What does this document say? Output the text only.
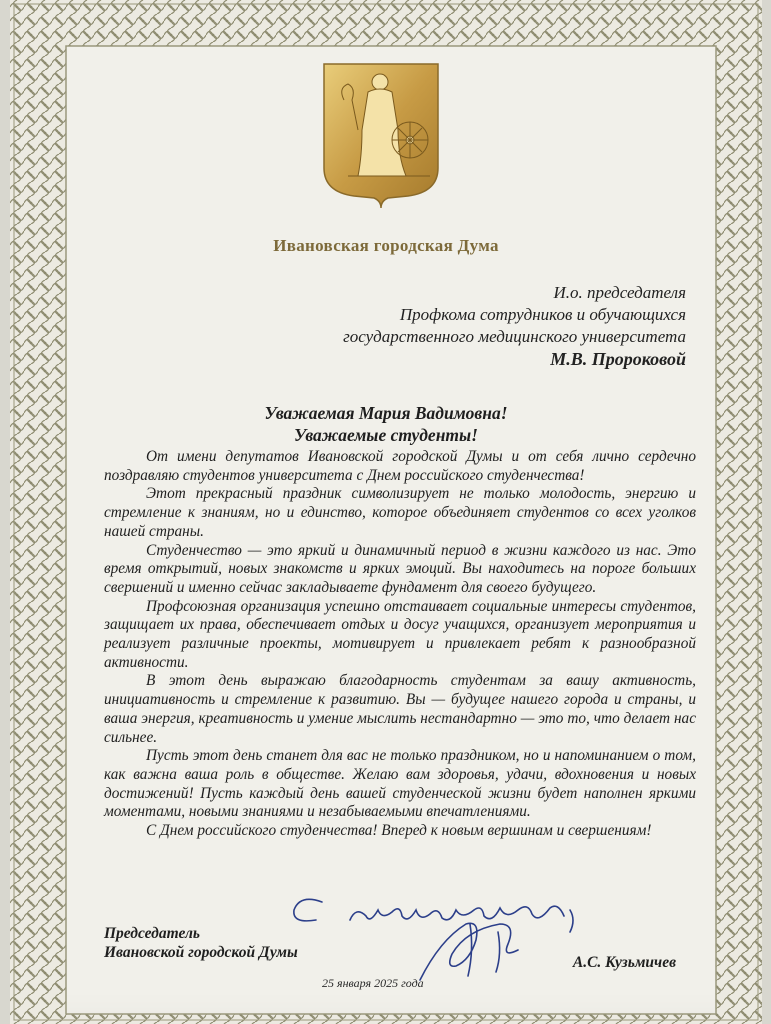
Ивановская городская Дума
И.о. председателя
Профкома сотрудников и обучающихся
государственного медицинского университета
М.В. Пророковой
Уважаемая Мария Вадимовна!
Уважаемые студенты!

От имени депутатов Ивановской городской Думы и от себя лично сердечно поздравляю студентов университета с Днем российского студенчества!

Этот прекрасный праздник символизирует не только молодость, энергию и стремление к знаниям, но и единство, которое объединяет студентов со всех уголков нашей страны.

Студенчество — это яркий и динамичный период в жизни каждого из нас. Это время открытий, новых знакомств и ярких эмоций. Вы находитесь на пороге больших свершений и именно сейчас закладываете фундамент для своего будущего.

Профсоюзная организация успешно отстаивает социальные интересы студентов, защищает их права, обеспечивает отдых и досуг учащихся, организует мероприятия и реализует различные проекты, мотивирует и привлекает ребят к разнообразной активности.

В этот день выражаю благодарность студентам за вашу активность, инициативность и стремление к развитию. Вы — будущее нашего города и страны, и ваша энергия, креативность и умение мыслить нестандартно — это то, что делает нас сильнее.

Пусть этот день станет для вас не только праздником, но и напоминанием о том, как важна ваша роль в обществе. Желаю вам здоровья, удачи, вдохновения и новых достижений! Пусть каждый день вашей студенческой жизни будет наполнен яркими моментами, новыми знаниями и незабываемыми впечатлениями.

С Днем российского студенчества! Вперед к новым вершинам и свершениям!

Председатель
Ивановской городской Думы
А.С. Кузьмичев
25 января 2025 года
